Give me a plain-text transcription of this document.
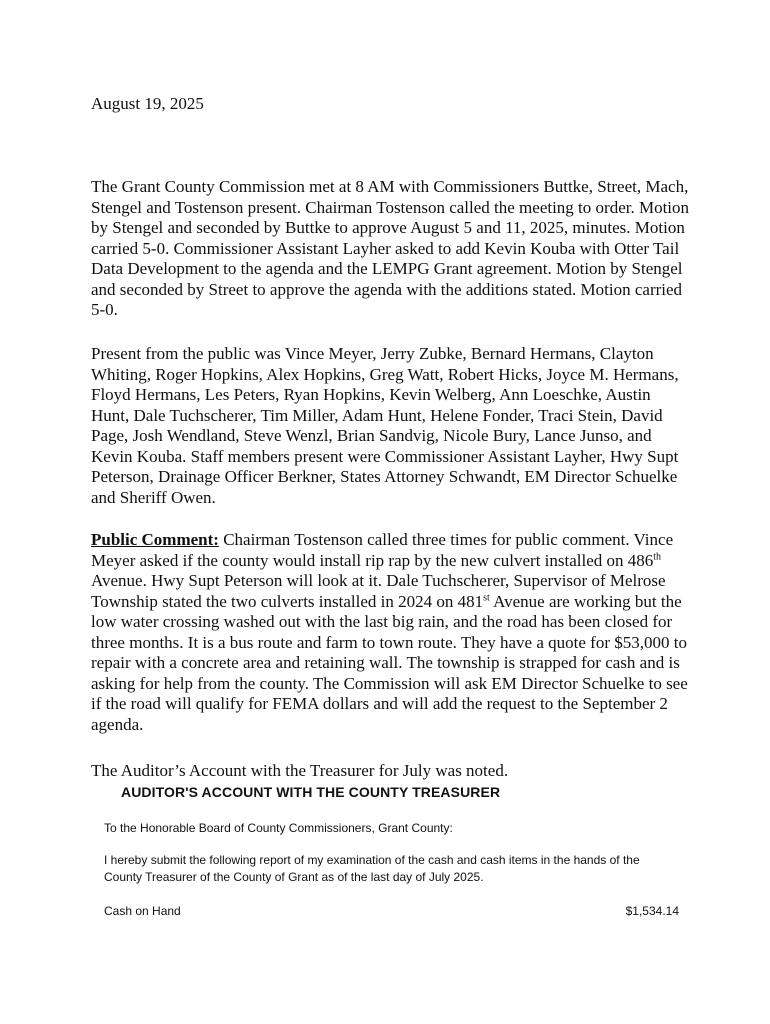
August 19, 2025

The Grant County Commission met at 8 AM with Commissioners Buttke, Street, Mach, Stengel and Tostenson present. Chairman Tostenson called the meeting to order. Motion by Stengel and seconded by Buttke to approve August 5 and 11, 2025, minutes. Motion carried 5-0. Commissioner Assistant Layher asked to add Kevin Kouba with Otter Tail Data Development to the agenda and the LEMPG Grant agreement. Motion by Stengel and seconded by Street to approve the agenda with the additions stated. Motion carried 5-0.

Present from the public was Vince Meyer, Jerry Zubke, Bernard Hermans, Clayton Whiting, Roger Hopkins, Alex Hopkins, Greg Watt, Robert Hicks, Joyce M. Hermans, Floyd Hermans, Les Peters, Ryan Hopkins, Kevin Welberg, Ann Loeschke, Austin Hunt, Dale Tuchscherer, Tim Miller, Adam Hunt, Helene Fonder, Traci Stein, David Page, Josh Wendland, Steve Wenzl, Brian Sandvig, Nicole Bury, Lance Junso, and Kevin Kouba. Staff members present were Commissioner Assistant Layher, Hwy Supt Peterson, Drainage Officer Berkner, States Attorney Schwandt, EM Director Schuelke and Sheriff Owen.

Public Comment: Chairman Tostenson called three times for public comment. Vince Meyer asked if the county would install rip rap by the new culvert installed on 486th Avenue. Hwy Supt Peterson will look at it. Dale Tuchscherer, Supervisor of Melrose Township stated the two culverts installed in 2024 on 481st Avenue are working but the low water crossing washed out with the last big rain, and the road has been closed for three months. It is a bus route and farm to town route. They have a quote for $53,000 to repair with a concrete area and retaining wall. The township is strapped for cash and is asking for help from the county. The Commission will ask EM Director Schuelke to see if the road will qualify for FEMA dollars and will add the request to the September 2 agenda.

The Auditor’s Account with the Treasurer for July was noted.

AUDITOR'S ACCOUNT WITH THE COUNTY TREASURER

To the Honorable Board of County Commissioners, Grant County:

I hereby submit the following report of my examination of the cash and cash items in the hands of the County Treasurer of the County of Grant as of the last day of July 2025.

Cash on Hand	$1,534.14
